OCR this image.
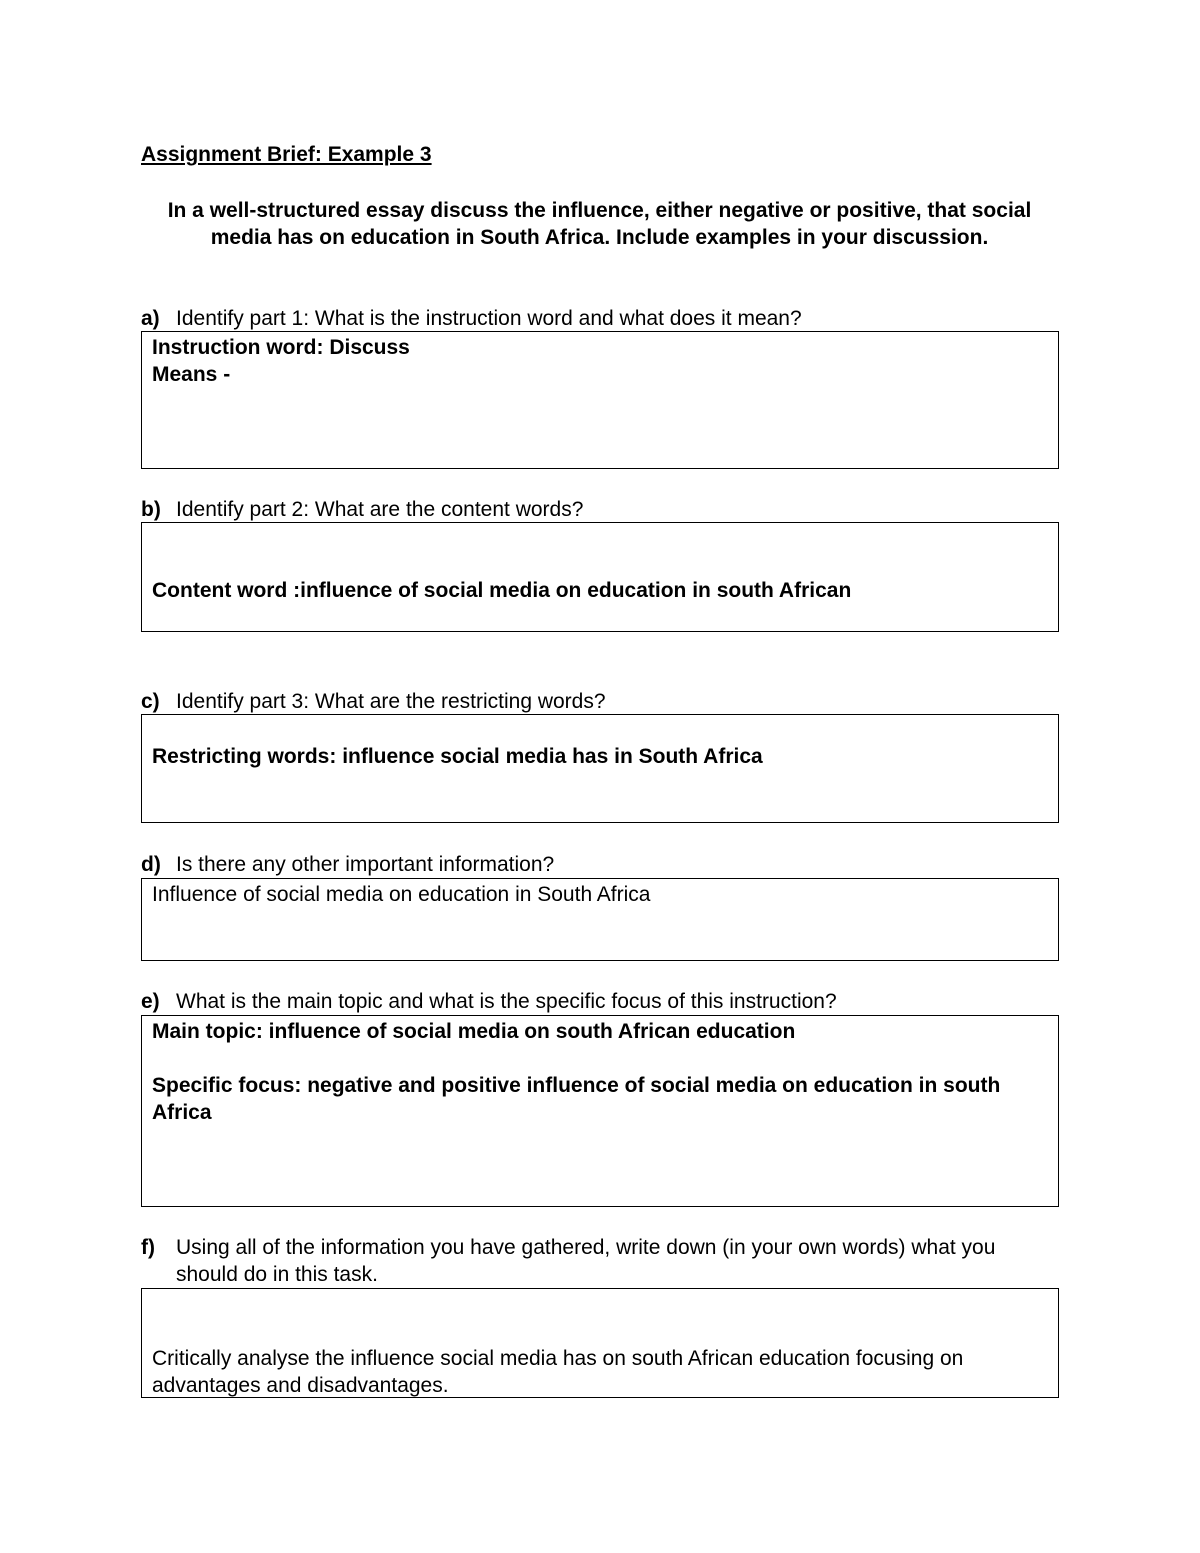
Assignment Brief: Example 3
In a well-structured essay discuss the influence, either negative or positive, that social media has on education in South Africa. Include examples in your discussion.
a) Identify part 1: What is the instruction word and what does it mean?

Instruction word: Discuss

Means -

b) Identify part 2: What are the content words?

Content word :influence of social media on education in south African

c) Identify part 3: What are the restricting words?

Restricting words: influence social media has in South Africa

d) Is there any other important information?

Influence of social media on education in South Africa

e) What is the main topic and what is the specific focus of this instruction?

Main topic: influence of social media on south African education

Specific focus: negative and positive influence of social media on education in south Africa

f)	Using all of the information you have gathered, write down (in your own words) what you should do in this task.

Critically analyse the influence social media has on south African education focusing on advantages and disadvantages.
